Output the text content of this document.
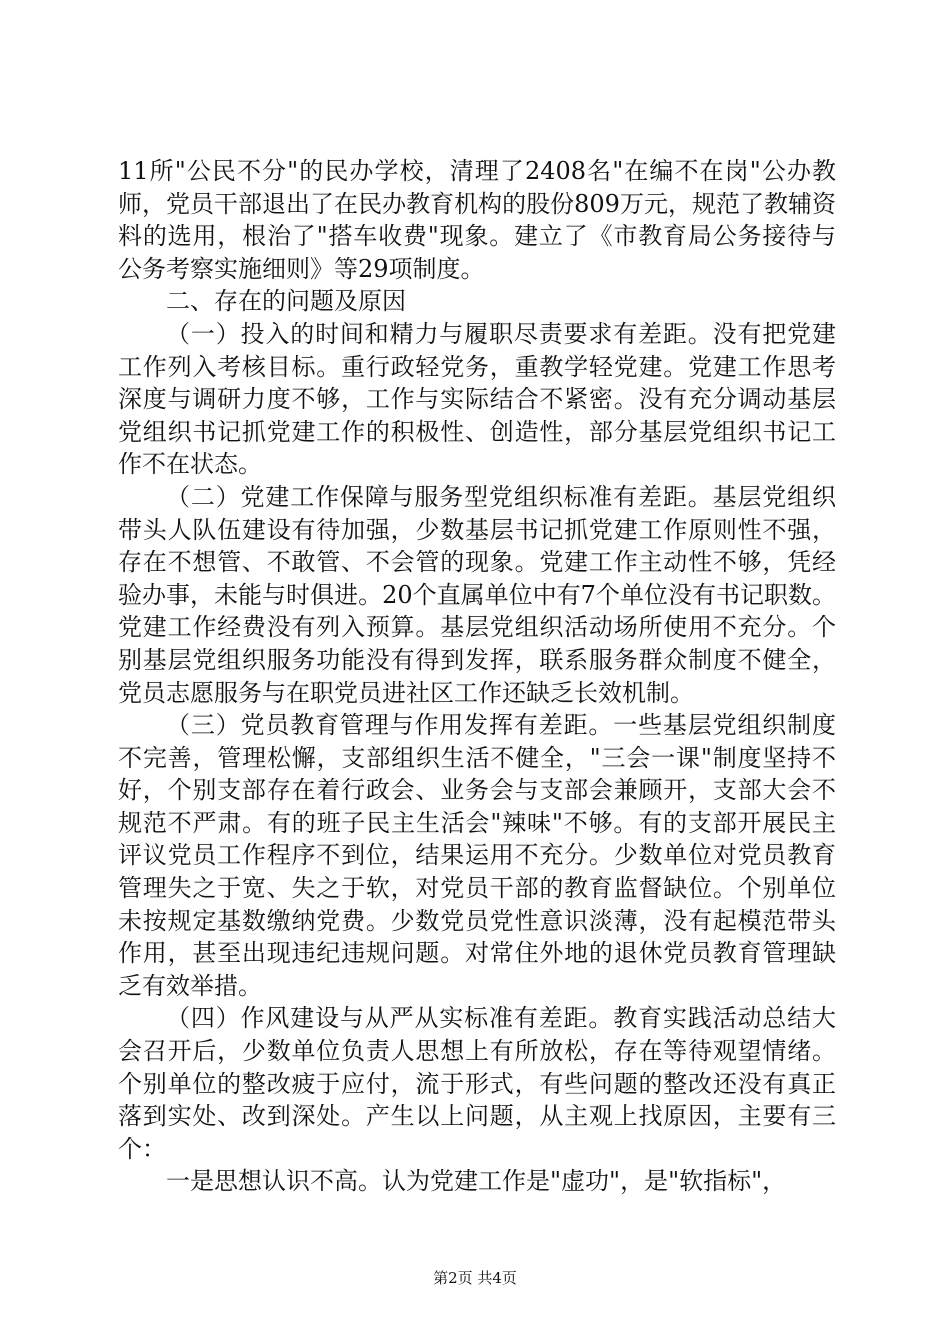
11所"公民不分"的民办学校，清理了2408名"在编不在岗"公办教师，党员干部退出了在民办教育机构的股份809万元，规范了教辅资料的选用，根治了"搭车收费"现象。建立了《市教育局公务接待与公务考察实施细则》等29项制度。

二、存在的问题及原因

（一）投入的时间和精力与履职尽责要求有差距。没有把党建工作列入考核目标。重行政轻党务，重教学轻党建。党建工作思考深度与调研力度不够，工作与实际结合不紧密。没有充分调动基层党组织书记抓党建工作的积极性、创造性，部分基层党组织书记工作不在状态。

（二）党建工作保障与服务型党组织标准有差距。基层党组织带头人队伍建设有待加强，少数基层书记抓党建工作原则性不强，存在不想管、不敢管、不会管的现象。党建工作主动性不够，凭经验办事，未能与时俱进。20个直属单位中有7个单位没有书记职数。党建工作经费没有列入预算。基层党组织活动场所使用不充分。个别基层党组织服务功能没有得到发挥，联系服务群众制度不健全，党员志愿服务与在职党员进社区工作还缺乏长效机制。

（三）党员教育管理与作用发挥有差距。一些基层党组织制度不完善，管理松懈，支部组织生活不健全，"三会一课"制度坚持不好，个别支部存在着行政会、业务会与支部会兼顾开，支部大会不规范不严肃。有的班子民主生活会"辣味"不够。有的支部开展民主评议党员工作程序不到位，结果运用不充分。少数单位对党员教育管理失之于宽、失之于软，对党员干部的教育监督缺位。个别单位未按规定基数缴纳党费。少数党员党性意识淡薄，没有起模范带头作用，甚至出现违纪违规问题。对常住外地的退休党员教育管理缺乏有效举措。

（四）作风建设与从严从实标准有差距。教育实践活动总结大会召开后，少数单位负责人思想上有所放松，存在等待观望情绪。个别单位的整改疲于应付，流于形式，有些问题的整改还没有真正落到实处、改到深处。产生以上问题，从主观上找原因，主要有三个：

一是思想认识不高。认为党建工作是"虚功"，是"软指标"，

第2页 共4页
